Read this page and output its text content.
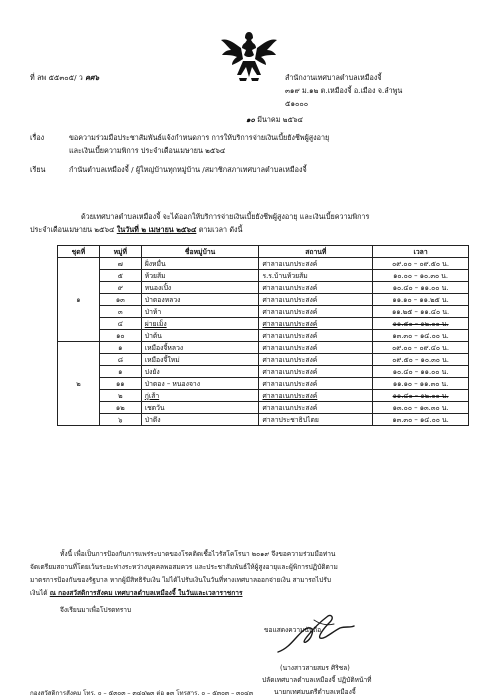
ที่ ลพ ๕๕๓๐๕/ ว คศ๖	สำนักงานเทศบาลตำบลเหมืองจี้
๓๑๙ ม.๑๒ ต.เหมืองจี้ อ.เมือง จ.ลำพูน
๕๑๐๐๐
๑๐ มีนาคม ๒๕๖๔
เรื่อง	ขอความร่วมมือประชาสัมพันธ์แจ้งกำหนดการ การให้บริการจ่ายเงินเบี้ยยังชีพผู้สูงอายุ
และเงินเบี้ยความพิการ ประจำเดือนเมษายน ๒๕๖๔
เรียน	กำนันตำบลเหมืองจี้ / ผู้ใหญ่บ้านทุกหมู่บ้าน /สมาชิกสภาเทศบาลตำบลเหมืองจี้
ด้วยเทศบาลตำบลเหมืองจี้ จะได้ออกให้บริการจ่ายเงินเบี้ยยังชีพผู้สูงอายุ และเงินเบี้ยความพิการ
ประจำเดือนเมษายน ๒๕๖๔ ในวันที่ ๒ เมษายน ๒๕๖๔ ตามเวลา ดังนี้
ชุดที่	หมู่ที่	ชื่อหมู่บ้าน	สถานที่	เวลา
๑	๗	ฝั่งหมื่น	ศาลาอเนกประสงค์	๐๙.๐๐ – ๐๙.๕๐ น.
	๕	ห้วยส้ม	ร.ร.บ้านห้วยส้ม	๑๐.๐๐ – ๑๐.๓๐ น.
	๙	หนองเปิ้ง	ศาลาอเนกประสงค์	๑๐.๔๐ – ๑๑.๐๐ น.
	๑๓	ป่าตองหลวง	ศาลาอเนกประสงค์	๑๑.๑๐ – ๑๑.๒๕ น.
	๓	ป่าห้า	ศาลาอเนกประสงค์	๑๑.๒๕ – ๑๑.๔๐ น.
	๔	ผ่ายเม็ง	ศาลาอเนกประสงค์	๑๑.๕๐ – ๑๒.๐๐ น.
	๑๐	ป่าต้น	ศาลาอเนกประสงค์	๑๓.๓๐ – ๑๔.๐๐ น.
๒	๑	เหมืองจี้หลวง	ศาลาอเนกประสงค์	๐๙.๐๐ – ๐๙.๔๐ น.
	๘	เหมืองจี้ใหม่	ศาลาอเนกประสงค์	๐๙.๕๐ – ๑๐.๓๐ น.
	๑	ปงยัง	ศาลาอเนกประสงค์	๑๐.๔๐ – ๑๑.๐๐ น.
	๑๑	ป่าตอง – หนองจาง	ศาลาอเนกประสงค์	๑๑.๑๐ – ๑๑.๓๐ น.
	๒	กู่เส้า	ศาลาอเนกประสงค์	๑๑.๔๐ – ๑๒.๐๐ น.
	๑๒	เชตวัน	ศาลาอเนกประสงค์	๑๓.๐๐ – ๑๓.๓๐ น.
	๖	ป่าตึง	ศาลาประชาธิปไตย	๑๓.๓๐ – ๑๔.๐๐ น.
ทั้งนี้ เพื่อเป็นการป้องกันการแพร่ระบาดของโรคติดเชื้อไวรัสโคโรนา ๒๐๑๙ จึงขอความร่วมมือท่าน
จัดเตรียมสถานที่โดยเว้นระยะห่างระหว่างบุคคลพอสมควร และประชาสัมพันธ์ให้ผู้สูงอายุและผู้พิการปฏิบัติตาม
มาตรการป้องกันของรัฐบาล หากผู้มีสิทธิรับเงิน ไม่ได้ไปรับเงินในวันที่ทางเทศบาลออกจ่ายเงิน สามารถไปรับ
เงินได้ ณ กองสวัสดิการสังคม เทศบาลตำบลเหมืองจี้ ในวันและเวลาราชการ
จึงเรียนมาเพื่อโปรดทราบ
ขอแสดงความนับถือ
(นางสาวสายสมร ศิริชล)
ปลัดเทศบาลตำบลเหมืองจี้ ปฏิบัติหน้าที่
นายกเทศมนตรีตำบลเหมืองจี้
กองสวัสดิการสังคม โทร. ๐ – ๕๓๐๓ – ๓๔๔๒๓ ต่อ ๑๓ โทรสาร. ๐ – ๕๓๐๓ – ๓๐๔๓
